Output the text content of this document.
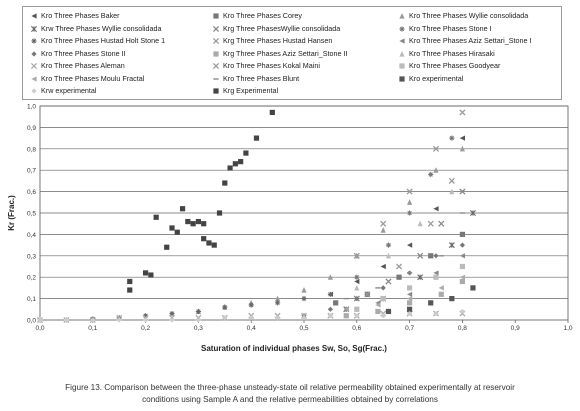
Kro Three Phases Baker	Kro Three Phases Corey	Kro Three Phases Wyllie consolidada
Krw Three Phases Wyllie consolidada	Krg Three PhasesWyllie consolidada	Kro Three Phases Stone I
Kro Three Phases Hustad Holt Stone 1	Krg Three Phases Hustad Hansen	Kro Three Phases Aziz Settari_Stone I
Kro Three Phases Stone II	Krg Three Phases Aziz Settari_Stone II	Kro Three Phases Hirasaki
Kro Three Phases Aleman	Kro Three Phases Kokal Maini	Kro Three Phases Goodyear
Kro Three Phases Moulu Fractal	Kro Three Phases Blunt	Kro experimental
Krw experimental	Krg Experimental
0,0
0,1
0,2
0,3
0,4
0,5
0,6
0,7
0,8
0,9
1,0
0,0	0,1	0,2	0,3	0,4	0,5	0,6	0,7	0,8	0,9	1,0
Saturation of individual phases Sw, So, Sg(Frac.)
Kr (Frac.)
Figure 13. Comparison between the three-phase unsteady-state oil relative permeability obtained experimentally at reservoir
conditions using Sample A and the relative permeabilities obtained by correlations
